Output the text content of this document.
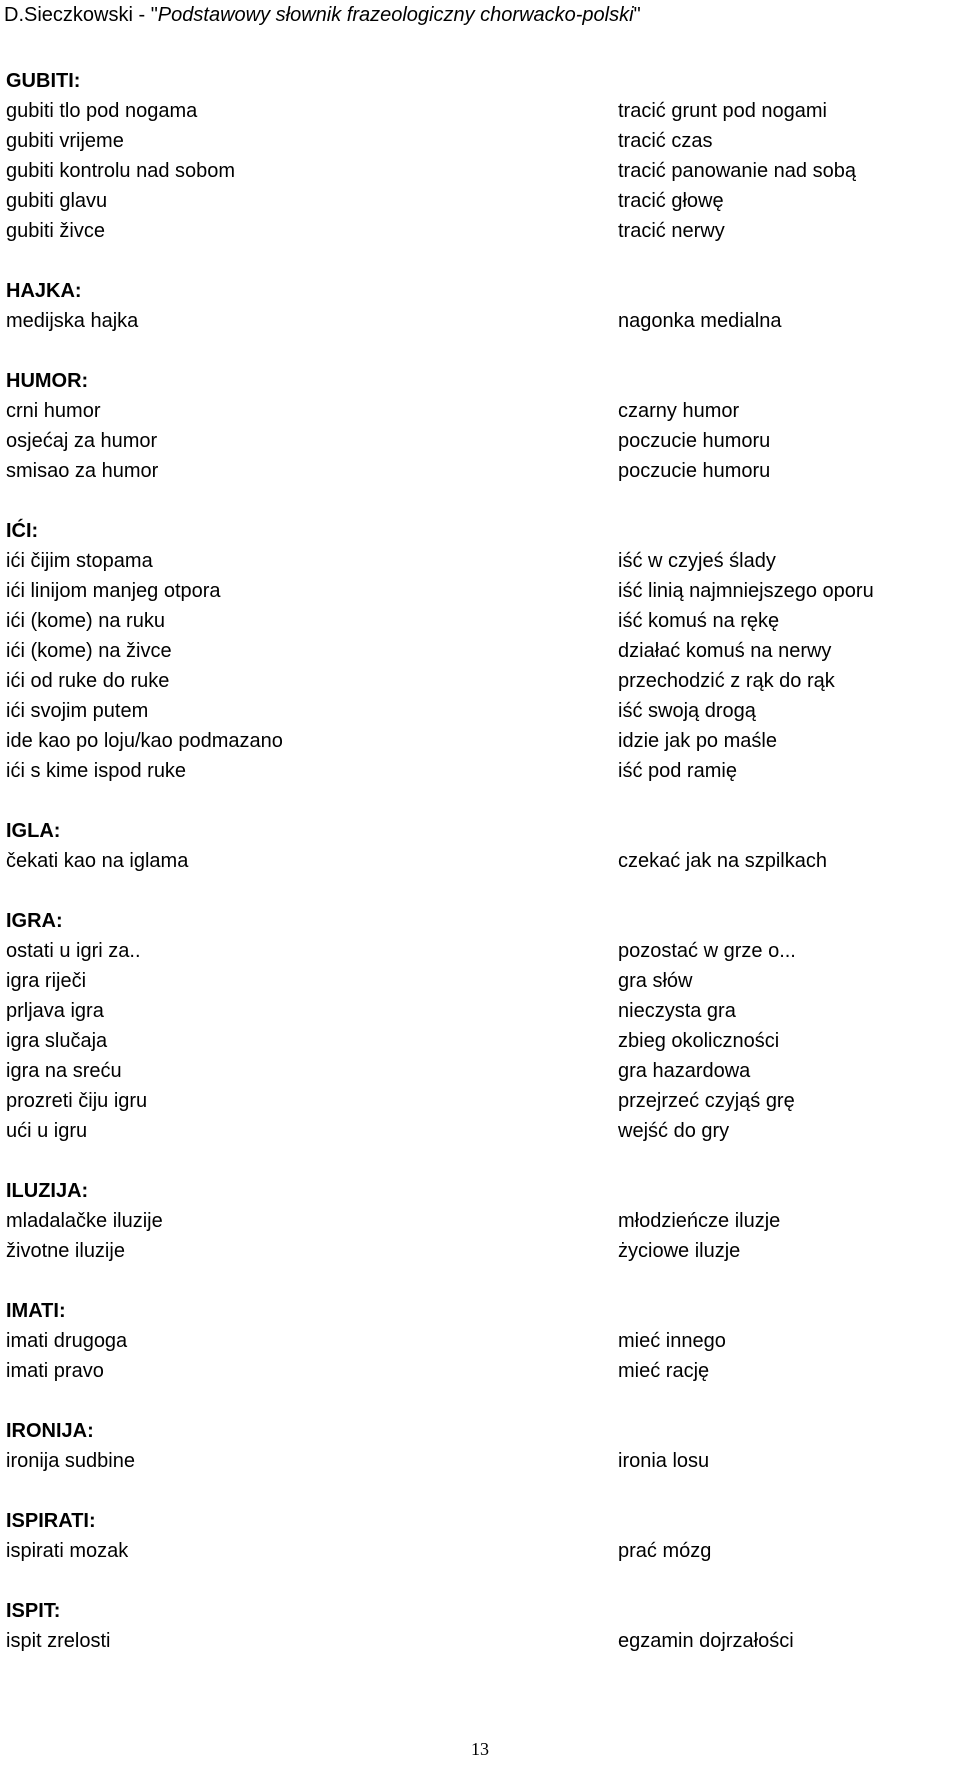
D.Sieczkowski - "Podstawowy słownik frazeologiczny chorwacko-polski"
GUBITI:
gubiti tlo pod nogama	tracić grunt pod nogami
gubiti vrijeme	tracić czas
gubiti kontrolu nad sobom	tracić panowanie nad sobą
gubiti glavu	tracić głowę
gubiti živce	tracić nerwy
HAJKA:
medijska hajka	nagonka medialna
HUMOR:
crni humor	czarny humor
osjećaj za humor	poczucie humoru
smisao za humor	poczucie humoru
IĆI:
ići čijim stopama	iść w czyjeś ślady
ići linijom manjeg otpora	iść linią najmniejszego oporu
ići (kome) na ruku	iść komuś na rękę
ići (kome) na živce	działać komuś na nerwy
ići od ruke do ruke	przechodzić z rąk do rąk
ići svojim putem	iść swoją drogą
ide kao po loju/kao podmazano	idzie jak po maśle
ići s kime ispod ruke	iść pod ramię
IGLA:
čekati kao na iglama	czekać jak na szpilkach
IGRA:
ostati u igri za..	pozostać w grze o...
igra riječi	gra słów
prljava igra	nieczysta gra
igra slučaja	zbieg okoliczności
igra na sreću	gra hazardowa
prozreti čiju igru	przejrzeć czyjąś grę
ući u igru	wejść do gry
ILUZIJA:
mladalačke iluzije	młodzieńcze iluzje
životne iluzije	życiowe iluzje
IMATI:
imati drugoga	mieć innego
imati pravo	mieć rację
IRONIJA:
ironija sudbine	ironia losu
ISPIRATI:
ispirati mozak	prać mózg
ISPIT:
ispit zrelosti	egzamin dojrzałości
13
